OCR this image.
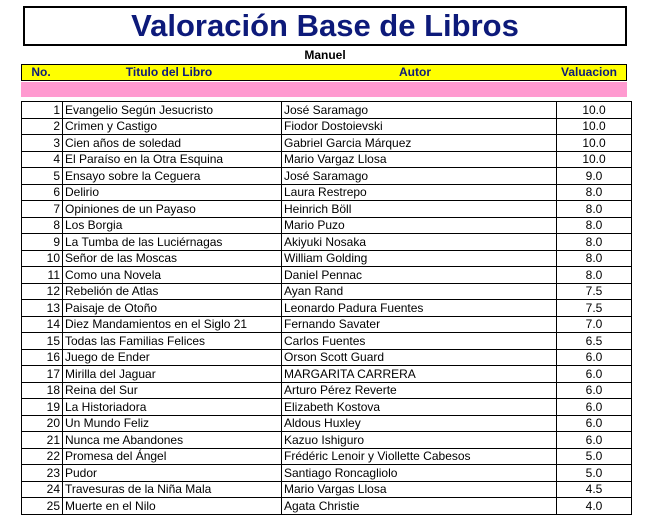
Valoración Base de Libros
Manuel
No.	Titulo del Libro	Autor	Valuacion
1	Evangelio Según Jesucristo	José Saramago	10.0
2	Crimen y Castigo	Fiodor Dostoievski	10.0
3	Cien años de soledad	Gabriel Garcia Márquez	10.0
4	El Paraíso en la Otra Esquina	Mario Vargaz Llosa	10.0
5	Ensayo sobre la Ceguera	José Saramago	9.0
6	Delirio	Laura Restrepo	8.0
7	Opiniones de un Payaso	Heinrich Böll	8.0
8	Los Borgia	Mario Puzo	8.0
9	La Tumba de las Luciérnagas	Akiyuki Nosaka	8.0
10	Señor de las Moscas	William Golding	8.0
11	Como una Novela	Daniel Pennac	8.0
12	Rebelión de Atlas	Ayan Rand	7.5
13	Paisaje de Otoño	Leonardo Padura Fuentes	7.5
14	Diez Mandamientos en el Siglo 21	Fernando Savater	7.0
15	Todas las Familias Felices	Carlos Fuentes	6.5
16	Juego de Ender	Orson Scott Guard	6.0
17	Mirilla del Jaguar	MARGARITA CARRERA	6.0
18	Reina del Sur	Arturo Pérez Reverte	6.0
19	La Historiadora	Elizabeth Kostova	6.0
20	Un Mundo Feliz	Aldous Huxley	6.0
21	Nunca me Abandones	Kazuo Ishiguro	6.0
22	Promesa del Ángel	Frédéric Lenoir y Viollette Cabesos	5.0
23	Pudor	Santiago Roncagliolo	5.0
24	Travesuras de la Niña Mala	Mario Vargas Llosa	4.5
25	Muerte en el Nilo	Agata Christie	4.0
